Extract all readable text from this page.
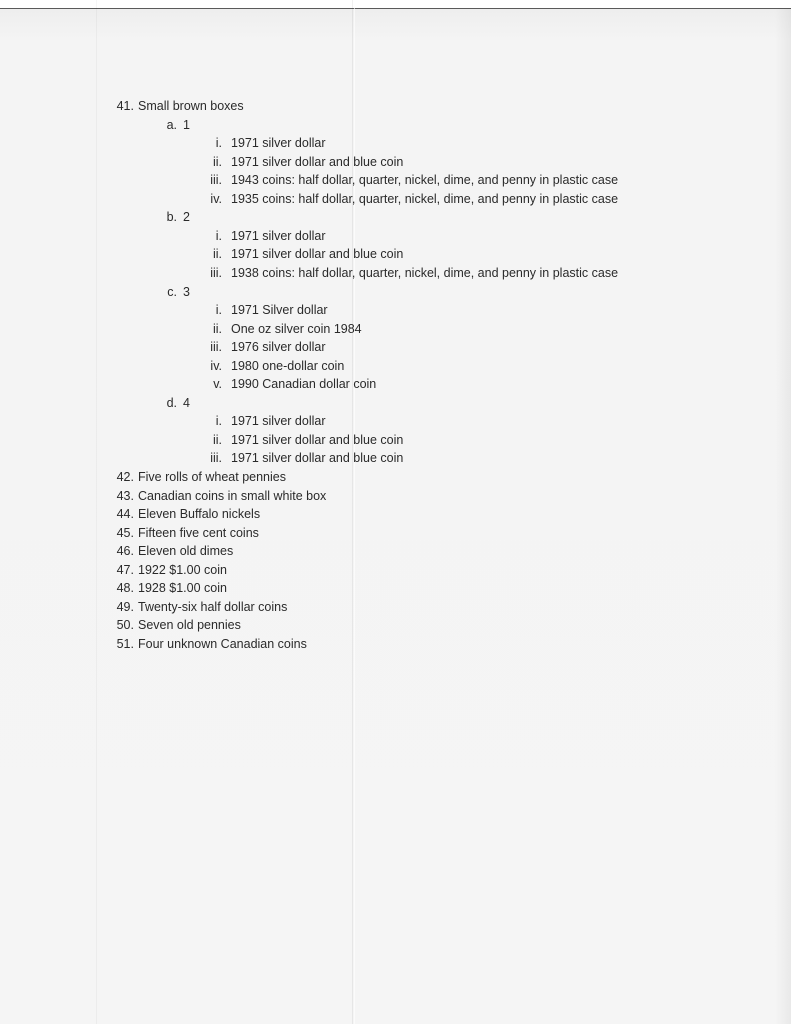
41. Small brown boxes
a. 1
i. 1971 silver dollar
ii. 1971 silver dollar and blue coin
iii. 1943 coins: half dollar, quarter, nickel, dime, and penny in plastic case
iv. 1935 coins: half dollar, quarter, nickel, dime, and penny in plastic case
b. 2
i. 1971 silver dollar
ii. 1971 silver dollar and blue coin
iii. 1938 coins: half dollar, quarter, nickel, dime, and penny in plastic case
c. 3
i. 1971 Silver dollar
ii. One oz silver coin 1984
iii. 1976 silver dollar
iv. 1980 one-dollar coin
v. 1990 Canadian dollar coin
d. 4
i. 1971 silver dollar
ii. 1971 silver dollar and blue coin
iii. 1971 silver dollar and blue coin
42. Five rolls of wheat pennies
43. Canadian coins in small white box
44. Eleven Buffalo nickels
45. Fifteen five cent coins
46. Eleven old dimes
47. 1922 $1.00 coin
48. 1928 $1.00 coin
49. Twenty-six half dollar coins
50. Seven old pennies
51. Four unknown Canadian coins
